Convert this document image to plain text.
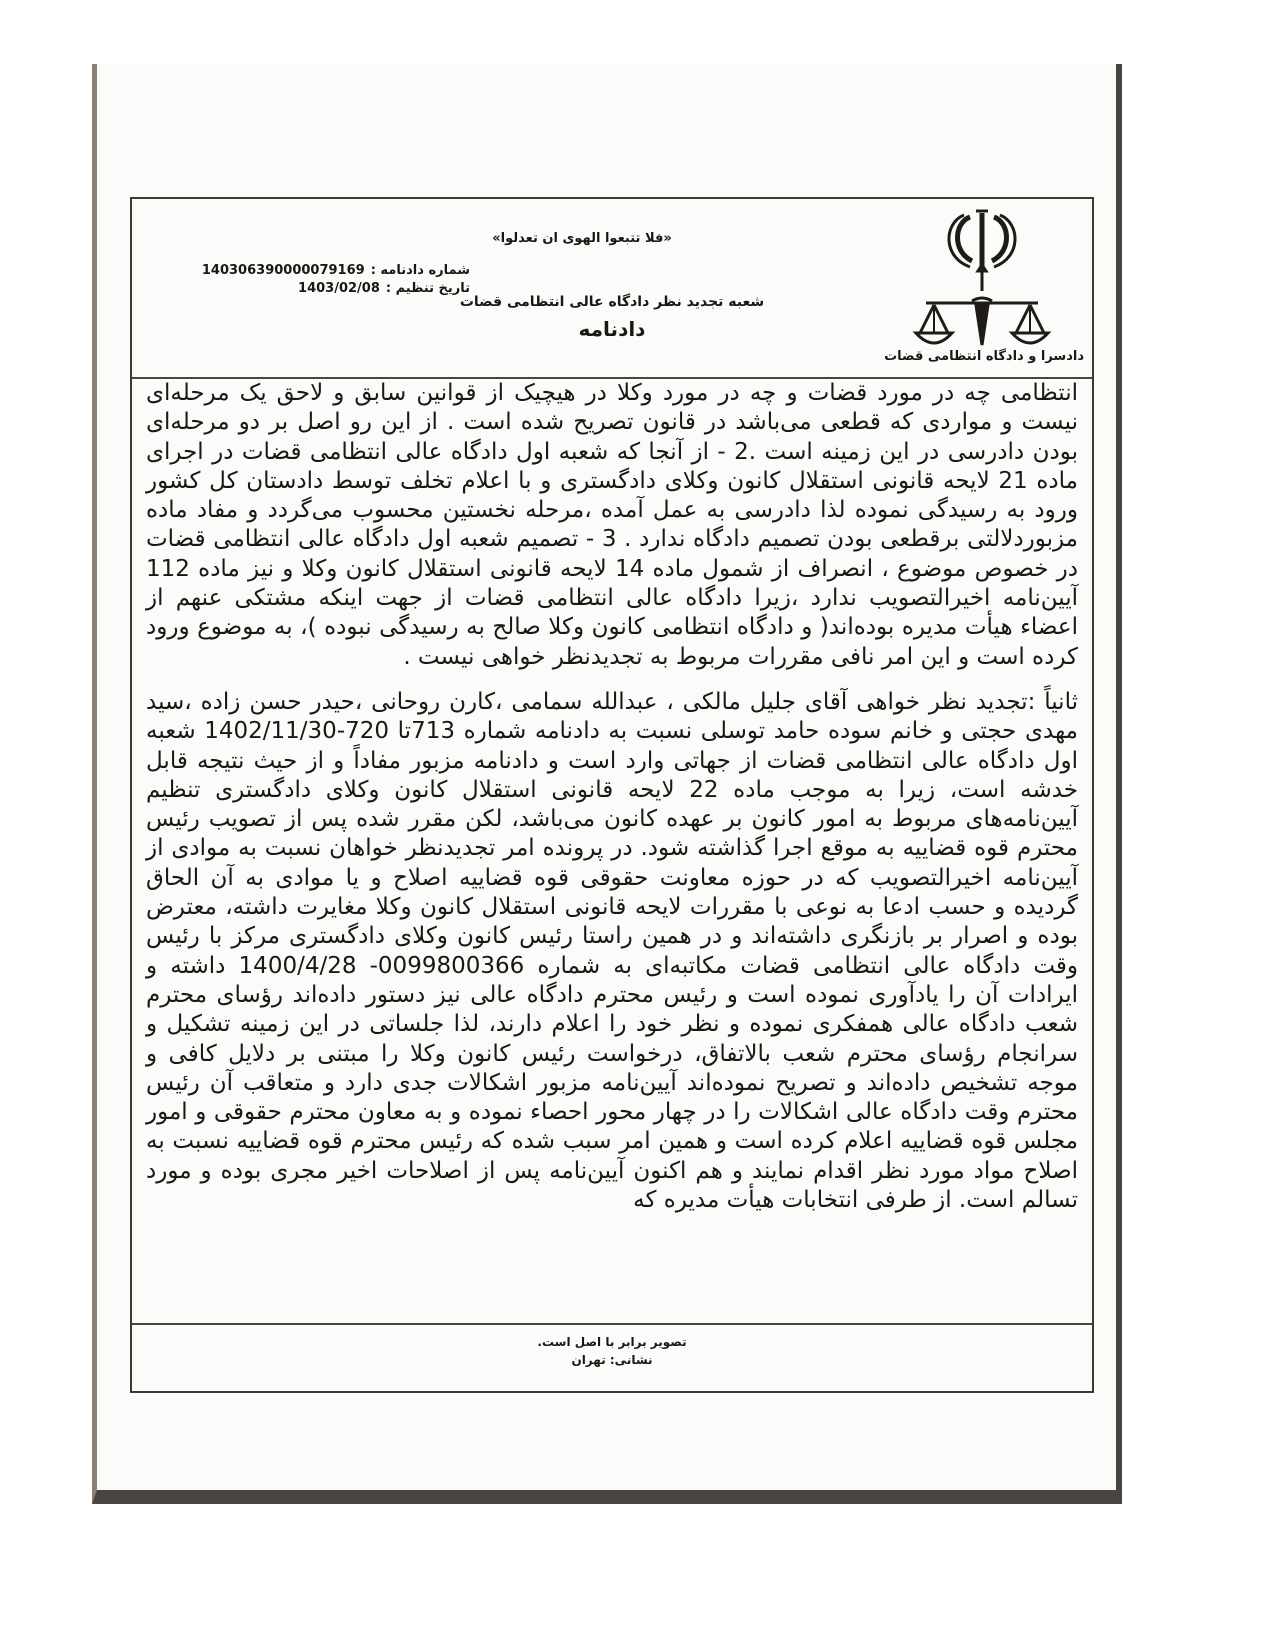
دادسرا و دادگاه انتظامی قضات
«فلا تتبعوا الهوی ان تعدلوا»
شعبه تجدید نظر دادگاه عالی انتظامی قضات
دادنامه
شماره دادنامه :
140306390000079169
تاریخ تنظیم :
1403/02/08

انتظامی چه در مورد قضات و چه در مورد وکلا در هیچیک از قوانین سابق و لاحق یک مرحله‌ای نیست و مواردی که قطعی می‌باشد در قانون تصریح شده است . از این رو اصل بر دو مرحله‌ای بودن دادرسی در این زمینه است .2 - از آنجا که شعبه اول دادگاه عالی انتظامی قضات در اجرای ماده 21 لایحه قانونی استقلال کانون وکلای دادگستری و با اعلام تخلف توسط دادستان کل کشور ورود به رسیدگی نموده لذا دادرسی به عمل آمده ،مرحله نخستین محسوب می‌گردد و مفاد ماده مزبوردلالتی برقطعی بودن تصمیم دادگاه ندارد . 3 - تصمیم شعبه اول دادگاه عالی انتظامی قضات در خصوص موضوع ، انصراف از شمول ماده 14 لایحه قانونی استقلال کانون وکلا و نیز ماده 112 آیین‌نامه اخیرالتصویب ندارد ،زیرا دادگاه عالی انتظامی قضات از جهت اینکه مشتکی عنهم از اعضاء هیأت مدیره بوده‌اند( و دادگاه انتظامی کانون وکلا صالح به رسیدگی نبوده )، به موضوع ورود کرده است و این امر نافی مقررات مربوط به تجدیدنظر خواهی نیست .

ثانیاً :تجدید نظر خواهی آقای جلیل مالکی ، عبدالله سمامی ،کارن روحانی ،حیدر حسن زاده ،سید مهدی حجتی و خانم سوده حامد توسلی نسبت به دادنامه شماره 713تا 720-1402/11/30 شعبه اول دادگاه عالی انتظامی قضات از جهاتی وارد است و دادنامه مزبور مفاداً و از حیث نتیجه قابل خدشه است، زیرا به موجب ماده 22 لایحه قانونی استقلال کانون وکلای دادگستری تنظیم آیین‌نامه‌های مربوط به امور کانون بر عهده کانون می‌باشد، لکن مقرر شده پس از تصویب رئیس محترم قوه قضاییه به موقع اجرا گذاشته شود. در پرونده امر تجدیدنظر خواهان نسبت به موادی از آیین‌نامه اخیرالتصویب که در حوزه معاونت حقوقی قوه قضاییه اصلاح و یا موادی به آن الحاق گردیده و حسب ادعا به نوعی با مقررات لایحه قانونی استقلال کانون وکلا مغایرت داشته، معترض بوده و اصرار بر بازنگری داشته‌اند و در همین راستا رئیس کانون وکلای دادگستری مرکز با رئیس وقت دادگاه عالی انتظامی قضات مکاتبه‌ای به شماره 0099800366- 1400/4/28 داشته و ایرادات آن را یادآوری نموده است و رئیس محترم دادگاه عالی نیز دستور داده‌اند رؤسای محترم شعب دادگاه عالی همفکری نموده و نظر خود را اعلام دارند، لذا جلساتی در این زمینه تشکیل و سرانجام رؤسای محترم شعب بالاتفاق، درخواست رئیس کانون وکلا را مبتنی بر دلایل کافی و موجه تشخیص داده‌اند و تصریح نموده‌اند آیین‌نامه مزبور اشکالات جدی دارد و متعاقب آن رئیس محترم وقت دادگاه عالی اشکالات را در چهار محور احصاء نموده و به معاون محترم حقوقی و امور مجلس قوه قضاییه اعلام کرده است و همین امر سبب شده که رئیس محترم قوه قضاییه نسبت به اصلاح مواد مورد نظر اقدام نمایند و هم اکنون آیین‌نامه پس از اصلاحات اخیر مجری بوده و مورد تسالم است. از طرفی انتخابات هیأت مدیره که

تصویر برابر با اصل است.
نشانی: تهران
